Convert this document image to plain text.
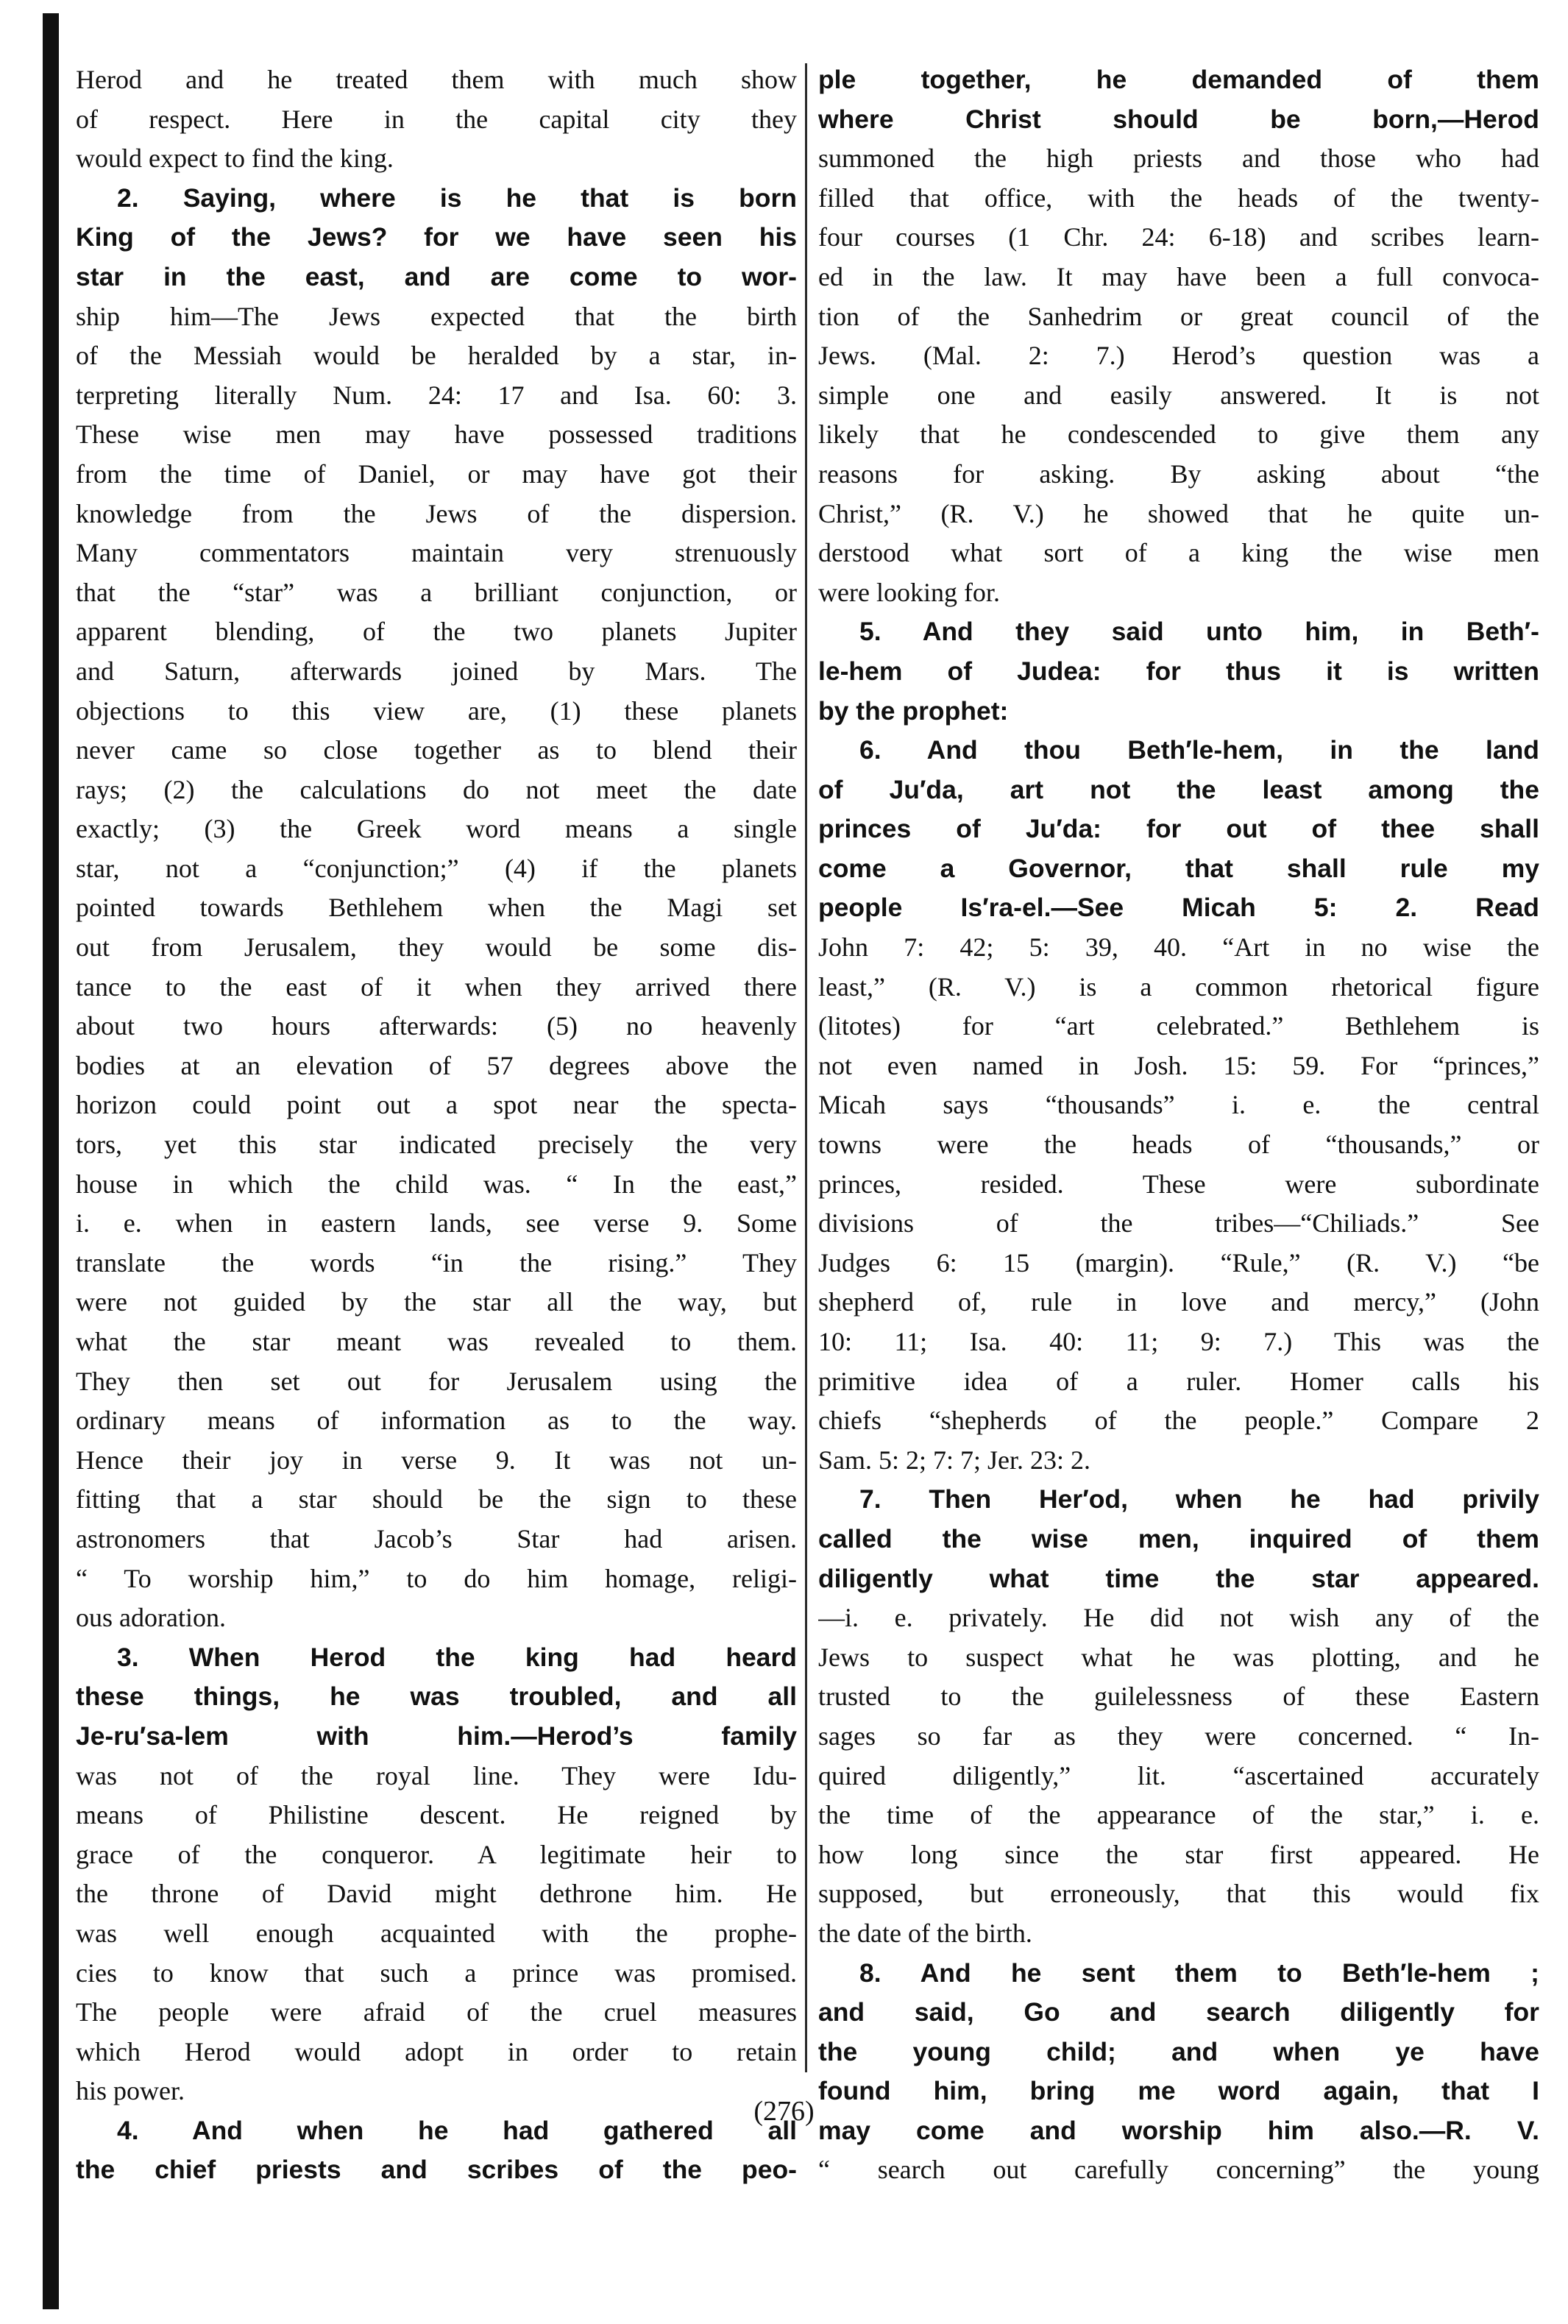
Herod and he treated them with much show
of respect. Here in the capital city they
would expect to find the king.
2. Saying, where is he that is born
King of the Jews? for we have seen his
star in the east, and are come to wor-
ship him—The Jews expected that the birth
of the Messiah would be heralded by a star, in-
terpreting literally Num. 24: 17 and Isa. 60: 3.
These wise men may have possessed traditions
from the time of Daniel, or may have got their
knowledge from the Jews of the dispersion.
Many commentators maintain very strenuously
that the “star” was a brilliant conjunction, or
apparent blending, of the two planets Jupiter
and Saturn, afterwards joined by Mars. The
objections to this view are, (1) these planets
never came so close together as to blend their
rays; (2) the calculations do not meet the date
exactly; (3) the Greek word means a single
star, not a “conjunction;” (4) if the planets
pointed towards Bethlehem when the Magi set
out from Jerusalem, they would be some dis-
tance to the east of it when they arrived there
about two hours afterwards: (5) no heavenly
bodies at an elevation of 57 degrees above the
horizon could point out a spot near the specta-
tors, yet this star indicated precisely the very
house in which the child was. “ In the east,”
i. e. when in eastern lands, see verse 9. Some
translate the words “in the rising.” They
were not guided by the star all the way, but
what the star meant was revealed to them.
They then set out for Jerusalem using the
ordinary means of information as to the way.
Hence their joy in verse 9. It was not un-
fitting that a star should be the sign to these
astronomers that Jacob’s Star had arisen.
“ To worship him,” to do him homage, religi-
ous adoration.
3. When Herod the king had heard
these things, he was troubled, and all
Je-ru′sa-lem with him.—Herod’s family
was not of the royal line. They were Idu-
means of Philistine descent. He reigned by
grace of the conqueror. A legitimate heir to
the throne of David might dethrone him. He
was well enough acquainted with the prophe-
cies to know that such a prince was promised.
The people were afraid of the cruel measures
which Herod would adopt in order to retain
his power.
4. And when he had gathered all
the chief priests and scribes of the peo-
ple together, he demanded of them
where Christ should be born,—Herod
summoned the high priests and those who had
filled that office, with the heads of the twenty-
four courses (1 Chr. 24: 6-18) and scribes learn-
ed in the law. It may have been a full convoca-
tion of the Sanhedrim or great council of the
Jews. (Mal. 2: 7.) Herod’s question was a
simple one and easily answered. It is not
likely that he condescended to give them any
reasons for asking. By asking about “the
Christ,” (R. V.) he showed that he quite un-
derstood what sort of a king the wise men
were looking for.
5. And they said unto him, in Beth′-
le-hem of Judea: for thus it is written
by the prophet:
6. And thou Beth′le-hem, in the land
of Ju′da, art not the least among the
princes of Ju′da: for out of thee shall
come a Governor, that shall rule my
people Is′ra-el.—See Micah 5: 2. Read
John 7: 42; 5: 39, 40. “Art in no wise the
least,” (R. V.) is a common rhetorical figure
(litotes) for “art celebrated.” Bethlehem is
not even named in Josh. 15: 59. For “princes,”
Micah says “thousands” i. e. the central
towns were the heads of “thousands,” or
princes, resided. These were subordinate
divisions of the tribes—“Chiliads.” See
Judges 6: 15 (margin). “Rule,” (R. V.) “be
shepherd of, rule in love and mercy,” (John
10: 11; Isa. 40: 11; 9: 7.) This was the
primitive idea of a ruler. Homer calls his
chiefs “shepherds of the people.” Compare 2
Sam. 5: 2; 7: 7; Jer. 23: 2.
7. Then Her′od, when he had privily
called the wise men, inquired of them
diligently what time the star appeared.
—i. e. privately. He did not wish any of the
Jews to suspect what he was plotting, and he
trusted to the guilelessness of these Eastern
sages so far as they were concerned. “ In-
quired diligently,” lit. “ascertained accurately
the time of the appearance of the star,” i. e.
how long since the star first appeared. He
supposed, but erroneously, that this would fix
the date of the birth.
8. And he sent them to Beth′le-hem ;
and said, Go and search diligently for
the young child; and when ye have
found him, bring me word again, that I
may come and worship him also.—R. V.
“ search out carefully concerning” the young
(276)
